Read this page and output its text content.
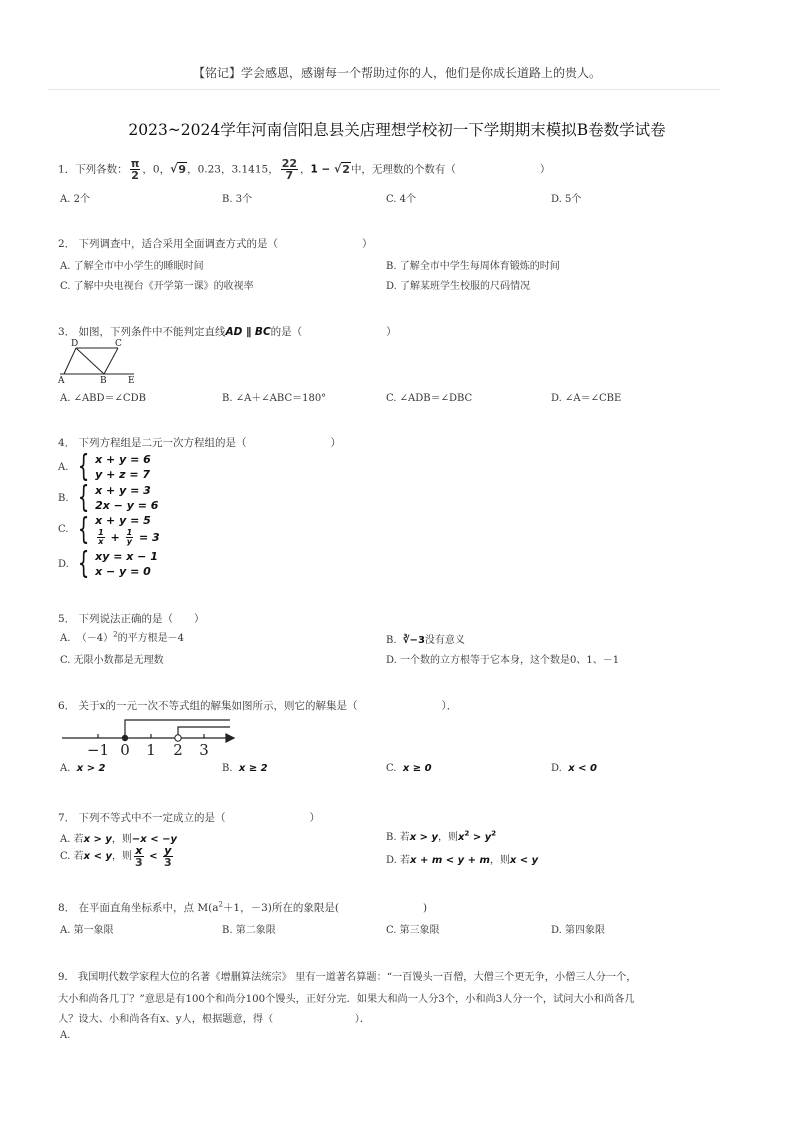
【铭记】学会感恩，感谢每一个帮助过你的人，他们是你成长道路上的贵人。
2023~2024学年河南信阳息县关店理想学校初一下学期期末模拟B卷数学试卷
1．下列各数： $\frac{\pi}{2}$ ，0，√9，0.23，3.1415， $\frac{22}{7}$ ，1 − √2中，无理数的个数有（　　　　　　　　）
A. 2个	B. 3个	C. 4个	D. 5个
2． 下列调查中，适合采用全面调查方式的是（　　　　　　　　）
A. 了解全市中小学生的睡眠时间	B. 了解全市中学生每周体育锻炼的时间
C. 了解中央电视台《开学第一课》的收视率	D. 了解某班学生校服的尺码情况
3． 如图，下列条件中不能判定直线AD ∥ BC的是（　　　　　　　　）
D	C
A	B E
A. ∠ABD＝∠CDB	B. ∠A＋∠ABC＝180°	C. ∠ADB＝∠DBC	D. ∠A＝∠CBE
4． 下列方程组是二元一次方程组的是（　　　　　　　　）
A. { x + y = 6
y + z = 7
B. { x + y = 3
2x − y = 6
C. { x + y = 5
$\frac{1}{x} + \frac{1}{y} = 3$
D. { xy = x − 1
x − y = 0
5． 下列说法正确的是（　　）
A.  $(-4)^2$的平方根是－4	B.  ∛−3没有意义
C. 无限小数都是无理数	D. 一个数的立方根等于它本身，这个数是0、1、－1
6． 关于x的一元一次不等式组的解集如图所示，则它的解集是（　　　　　　　　）．
−1 0 1 2 3
A. x > 2	B. x ≥ 2	C. x ≥ 0	D. x < 0
7． 下列不等式中不一定成立的是（　　　　　　　　）
A. 若x > y，则−x < −y	B. 若x > y，则$x^2 > y^2$
C. 若x < y，则 $\frac{x}{3} < \frac{y}{3}$	D. 若x + m < y + m，则x < y
8． 在平面直角坐标系中，点 $M(a^2+1$，－3)所在的象限是(　　　　　　　　)
A. 第一象限	B. 第二象限	C. 第三象限	D. 第四象限
9． 我国明代数学家程大位的名著《增删算法统宗》 里有一道著名算题：“一百馒头一百僧，大僧三个更无争，小僧三人分一个，
大小和尚各几丁？”意思是有100个和尚分100个馒头，正好分完．如果大和尚一人分3个，小和尚3人分一个，试问大小和尚各几
人？设大、小和尚各有x、y人，根据题意，得（　　　　　　　　）．
A.
